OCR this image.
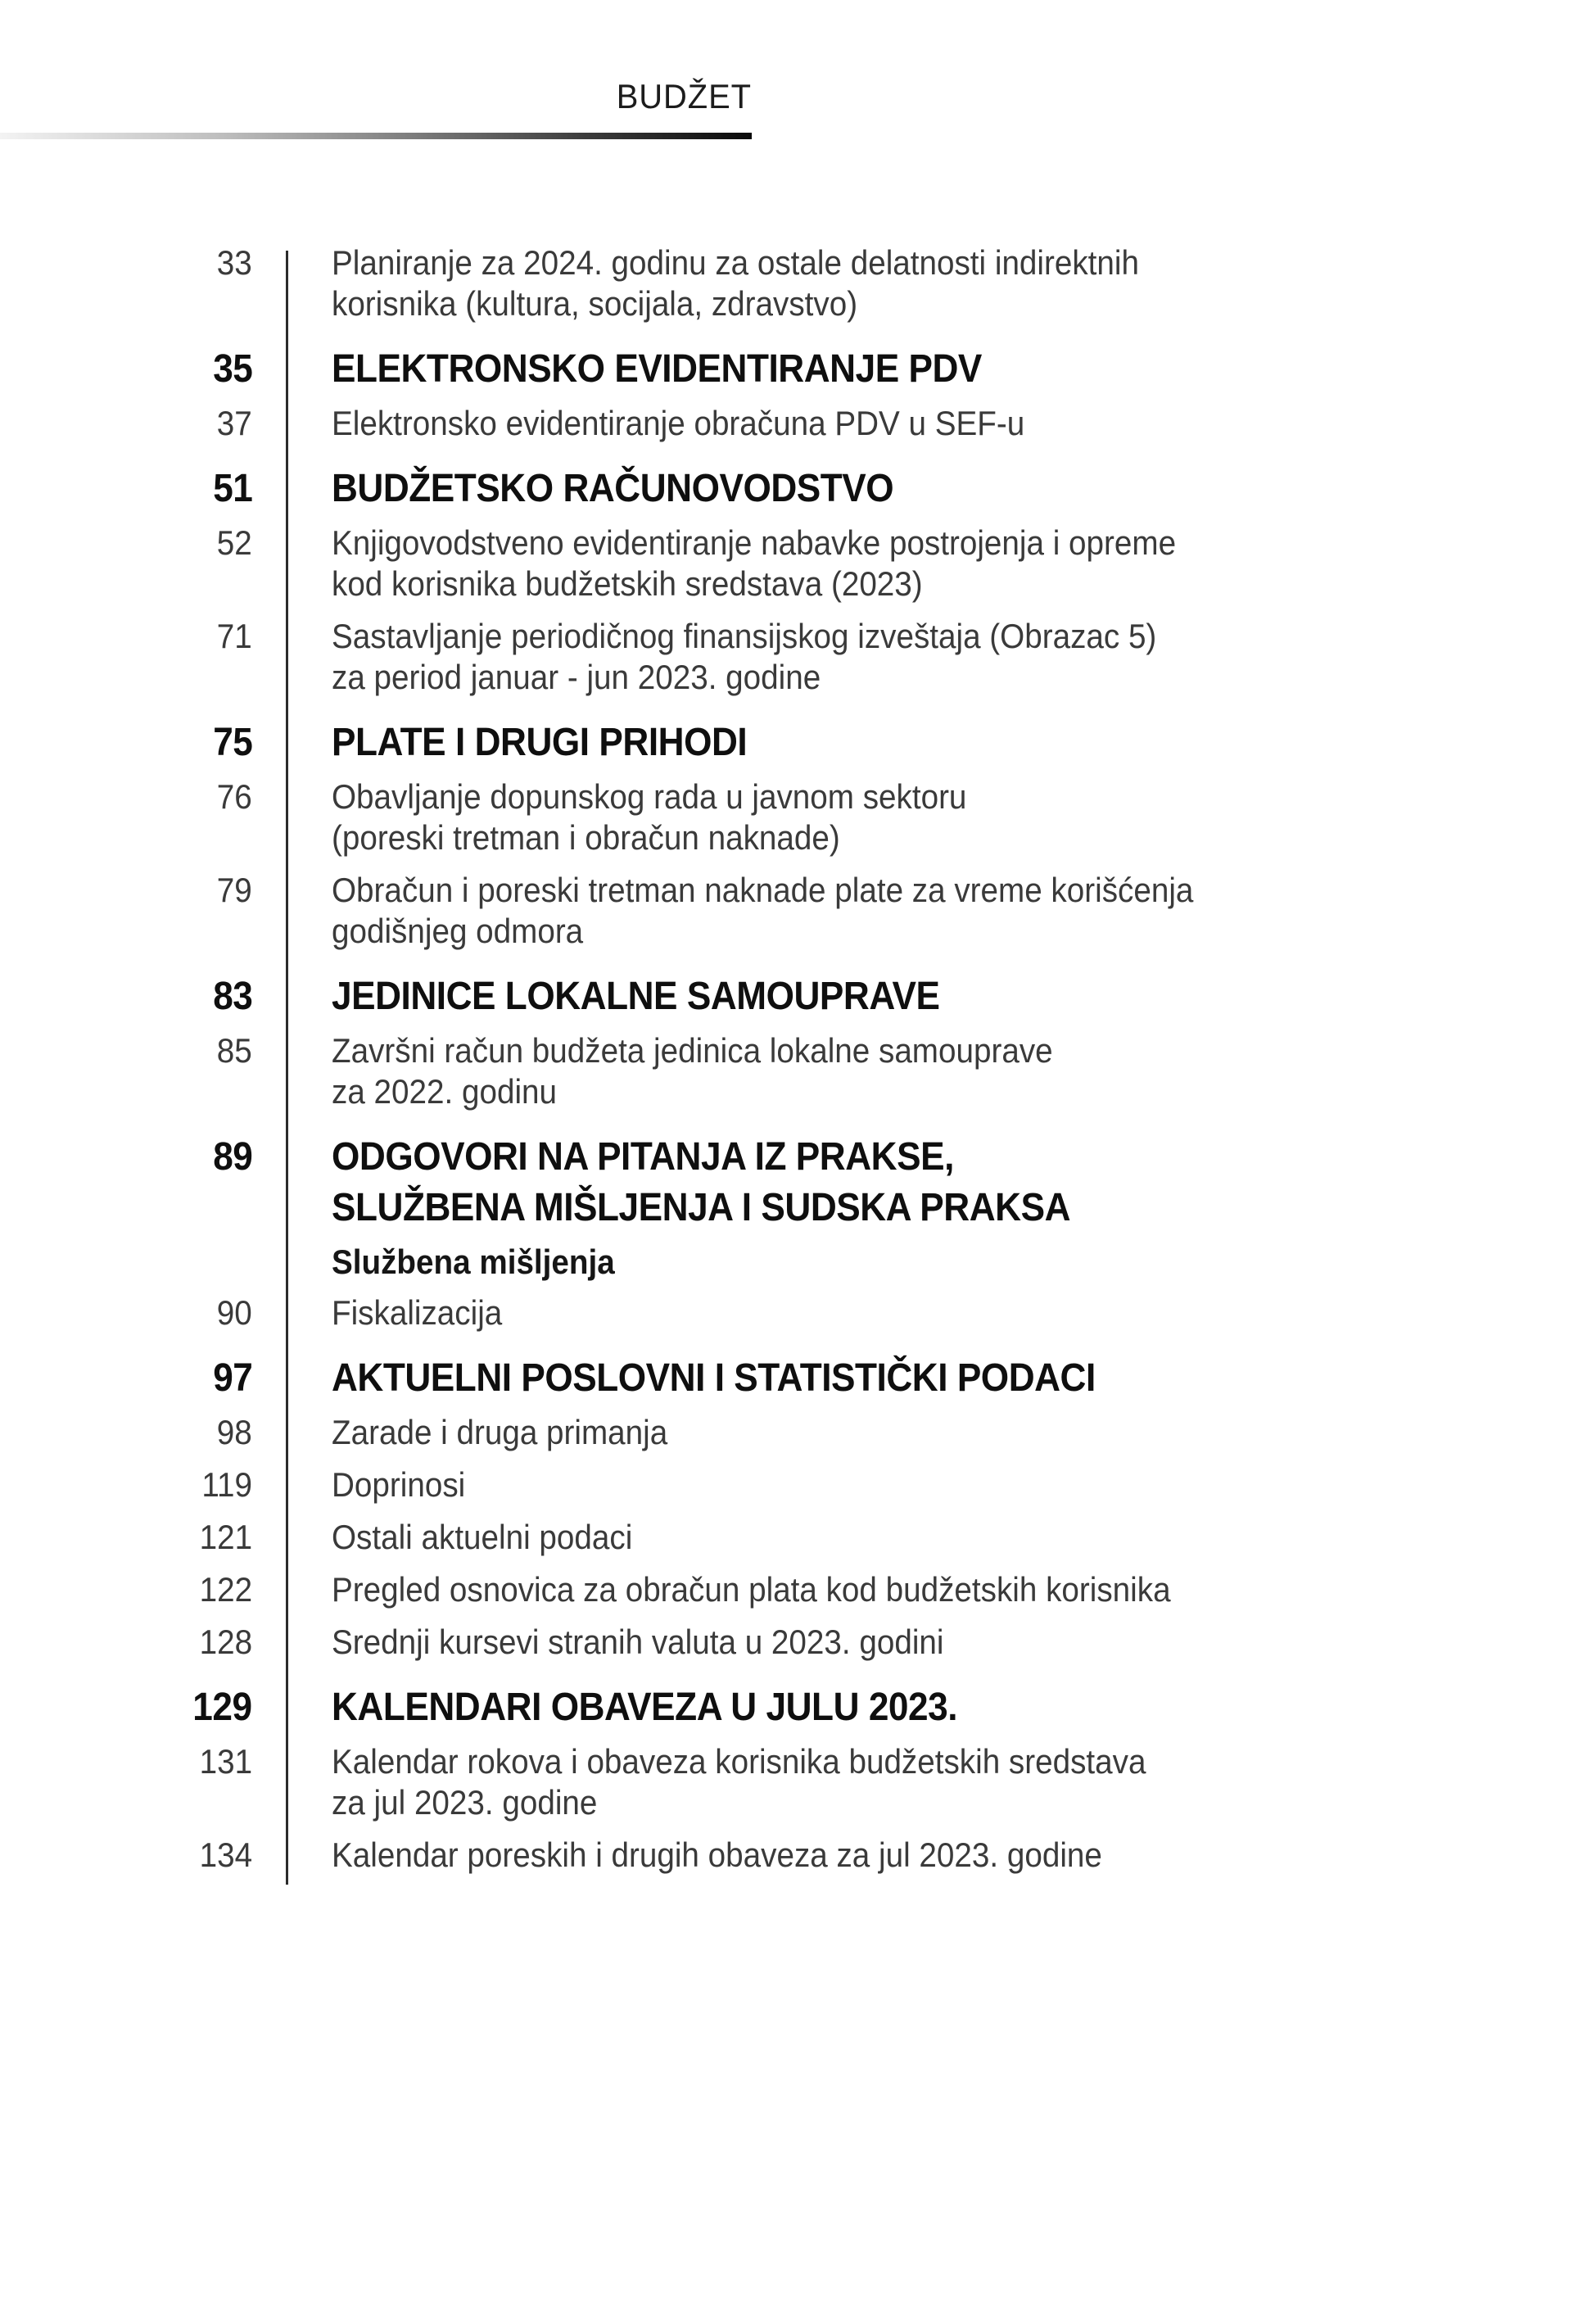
BUDŽET
33 Planiranje za 2024. godinu za ostale delatnosti indirektnih
korisnika (kultura, socijala, zdravstvo)
35 ELEKTRONSKO EVIDENTIRANJE PDV
37 Elektronsko evidentiranje obračuna PDV u SEF-u
51 BUDŽETSKO RAČUNOVODSTVO
52 Knjigovodstveno evidentiranje nabavke postrojenja i opreme
kod korisnika budžetskih sredstava (2023)
71 Sastavljanje periodičnog finansijskog izveštaja (Obrazac 5)
za period januar - jun 2023. godine
75 PLATE I DRUGI PRIHODI
76 Obavljanje dopunskog rada u javnom sektoru
(poreski tretman i obračun naknade)
79 Obračun i poreski tretman naknade plate za vreme korišćenja
godišnjeg odmora
83 JEDINICE LOKALNE SAMOUPRAVE
85 Završni račun budžeta jedinica lokalne samouprave
za 2022. godinu
89 ODGOVORI NA PITANJA IZ PRAKSE,
SLUŽBENA MIŠLJENJA I SUDSKA PRAKSA
Službena mišljenja
90 Fiskalizacija
97 AKTUELNI POSLOVNI I STATISTIČKI PODACI
98 Zarade i druga primanja
119 Doprinosi
121 Ostali aktuelni podaci
122 Pregled osnovica za obračun plata kod budžetskih korisnika
128 Srednji kursevi stranih valuta u 2023. godini
129 KALENDARI OBAVEZA U JULU 2023.
131 Kalendar rokova i obaveza korisnika budžetskih sredstava
za jul 2023. godine
134 Kalendar poreskih i drugih obaveza za jul 2023. godine
